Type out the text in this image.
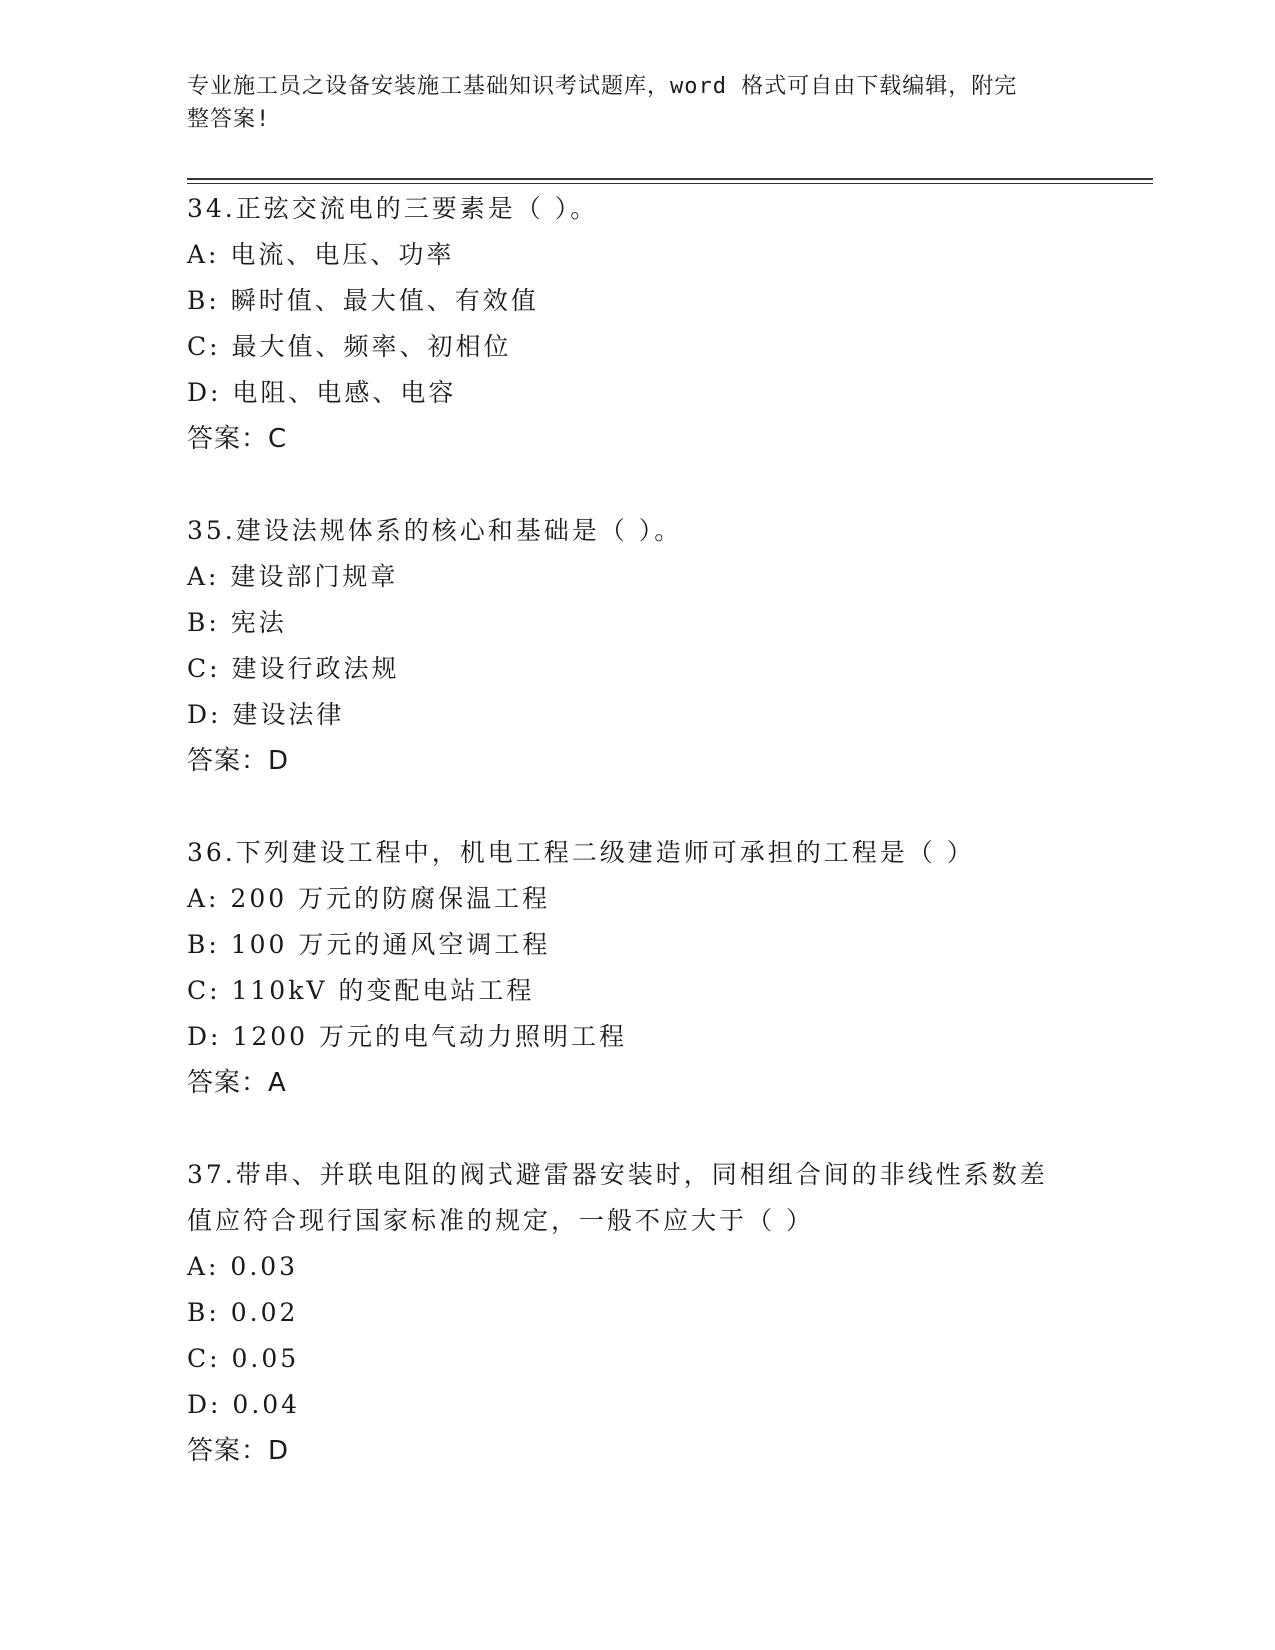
专业施工员之设备安装施工基础知识考试题库，word 格式可自由下载编辑，附完
整答案!
34.正弦交流电的三要素是（ ）。
A: 电流、电压、功率
B: 瞬时值、最大值、有效值
C: 最大值、频率、初相位
D: 电阻、电感、电容
答案：C
35.建设法规体系的核心和基础是（ ）。
A: 建设部门规章
B: 宪法
C: 建设行政法规
D: 建设法律
答案：D
36.下列建设工程中，机电工程二级建造师可承担的工程是（ ）
A: 200 万元的防腐保温工程
B: 100 万元的通风空调工程
C: 110kV 的变配电站工程
D: 1200 万元的电气动力照明工程
答案：A
37.带串、并联电阻的阀式避雷器安装时，同相组合间的非线性系数差
值应符合现行国家标准的规定，一般不应大于（ ）
A: 0.03
B: 0.02
C: 0.05
D: 0.04
答案：D
